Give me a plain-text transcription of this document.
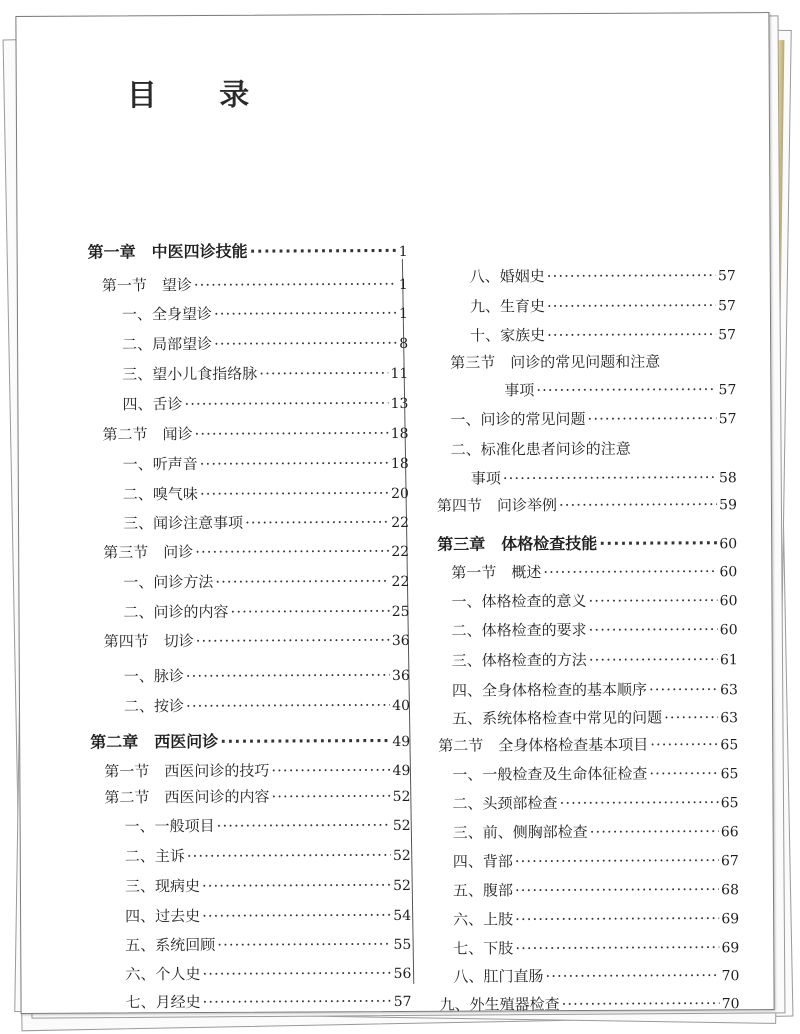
目 录
第一章　中医四诊技能 ·····	1
第一节　望诊 ·····	1
一、全身望诊 ·····	1
二、局部望诊 ·····	8
三、望小儿食指络脉 ·····	11
四、舌诊 ·····	13
第二节　闻诊 ·····	18
一、听声音 ·····	18
二、嗅气味 ·····	20
三、闻诊注意事项 ·····	22
第三节　问诊 ·····	22
一、问诊方法 ·····	22
二、问诊的内容 ·····	25
第四节　切诊 ·····	36
一、脉诊 ·····	36
二、按诊 ·····	40
第二章　西医问诊 ·····	49
第一节　西医问诊的技巧 ·····	49
第二节　西医问诊的内容 ·····	52
一、一般项目 ·····	52
二、主诉 ·····	52
三、现病史 ·····	52
四、过去史 ·····	54
五、系统回顾 ·····	55
六、个人史 ·····	56
七、月经史 ·····	57
八、婚姻史 ·····	57
九、生育史 ·····	57
十、家族史 ·····	57
第三节　问诊的常见问题和注意
事项 ·····	57
一、问诊的常见问题 ·····	57
二、标准化患者问诊的注意
事项 ·····	58
第四节　问诊举例 ·····	59
第三章　体格检查技能 ·····	60
第一节　概述 ·····	60
一、体格检查的意义 ·····	60
二、体格检查的要求 ·····	60
三、体格检查的方法 ·····	61
四、全身体格检查的基本顺序 ·····	63
五、系统体格检查中常见的问题 ·····	63
第二节　全身体格检查基本项目 ·····	65
一、一般检查及生命体征检查 ·····	65
二、头颈部检查 ·····	65
三、前、侧胸部检查 ·····	66
四、背部 ·····	67
五、腹部 ·····	68
六、上肢 ·····	69
七、下肢 ·····	69
八、肛门直肠 ·····	70
九、外生殖器检查 ·····	70
